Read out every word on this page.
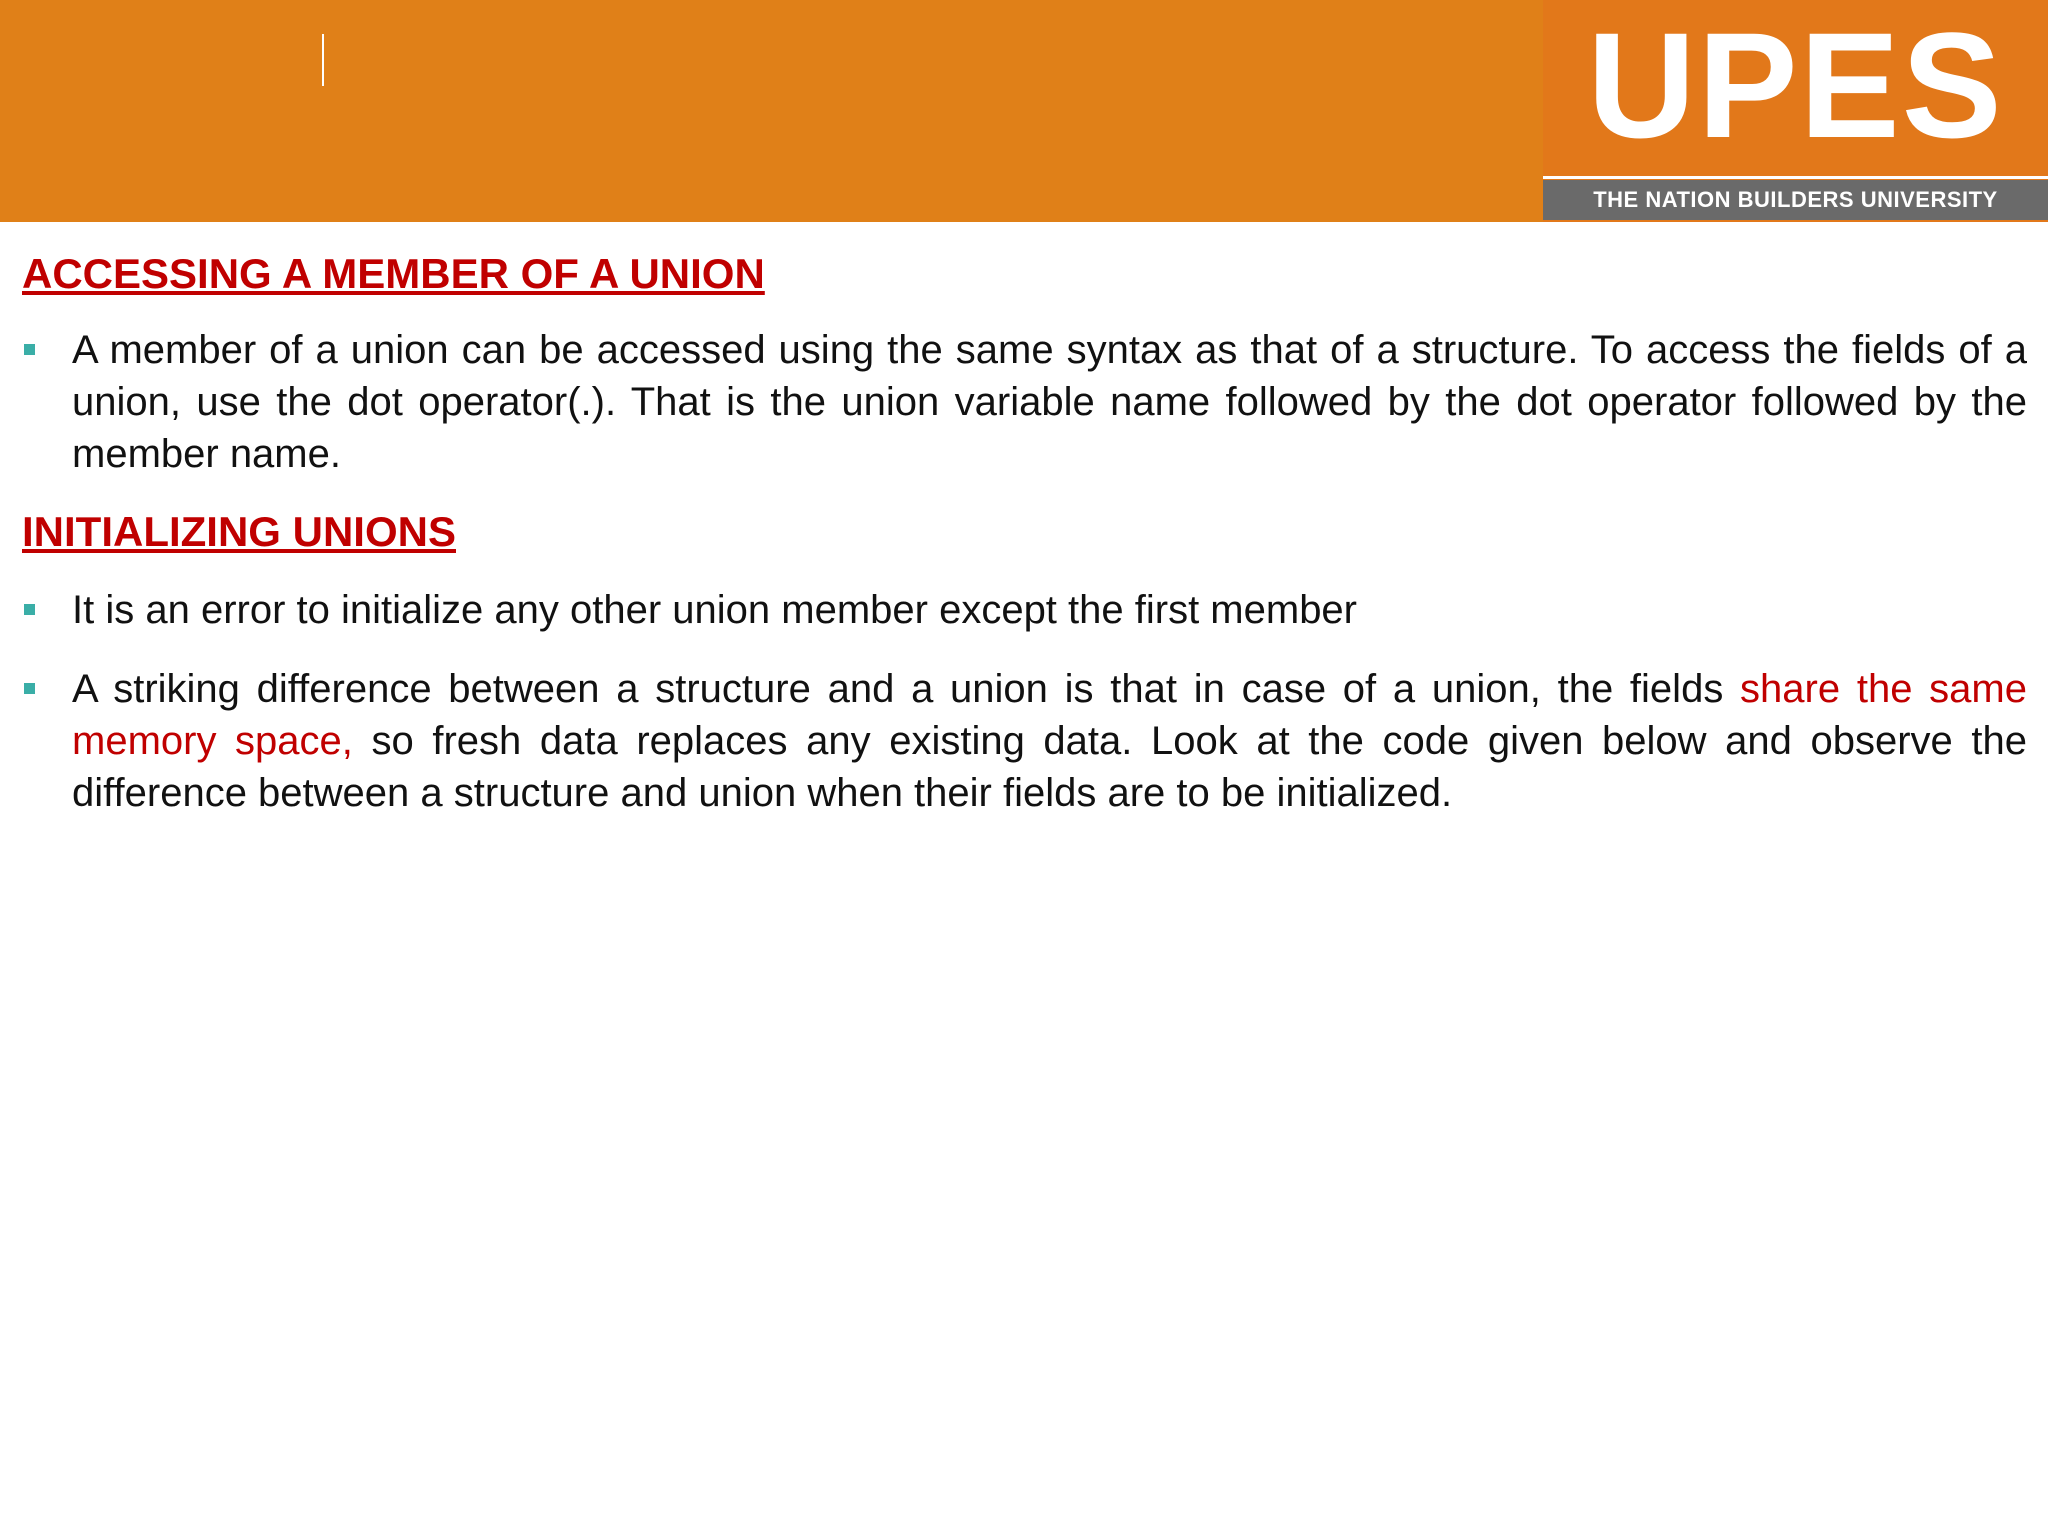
UPES
THE NATION BUILDERS UNIVERSITY
ACCESSING A MEMBER OF A UNION
A member of a union can be accessed using the same syntax as that of a structure. To access the fields of a union, use the dot operator(.). That is the union variable name followed by the dot operator followed by the member name.
INITIALIZING UNIONS
It is an error to initialize any other union member except the first member
A striking difference between a structure and a union is that in case of a union, the fields share the same memory space, so fresh data replaces any existing data. Look at the code given below and observe the difference between a structure and union when their fields are to be initialized.
